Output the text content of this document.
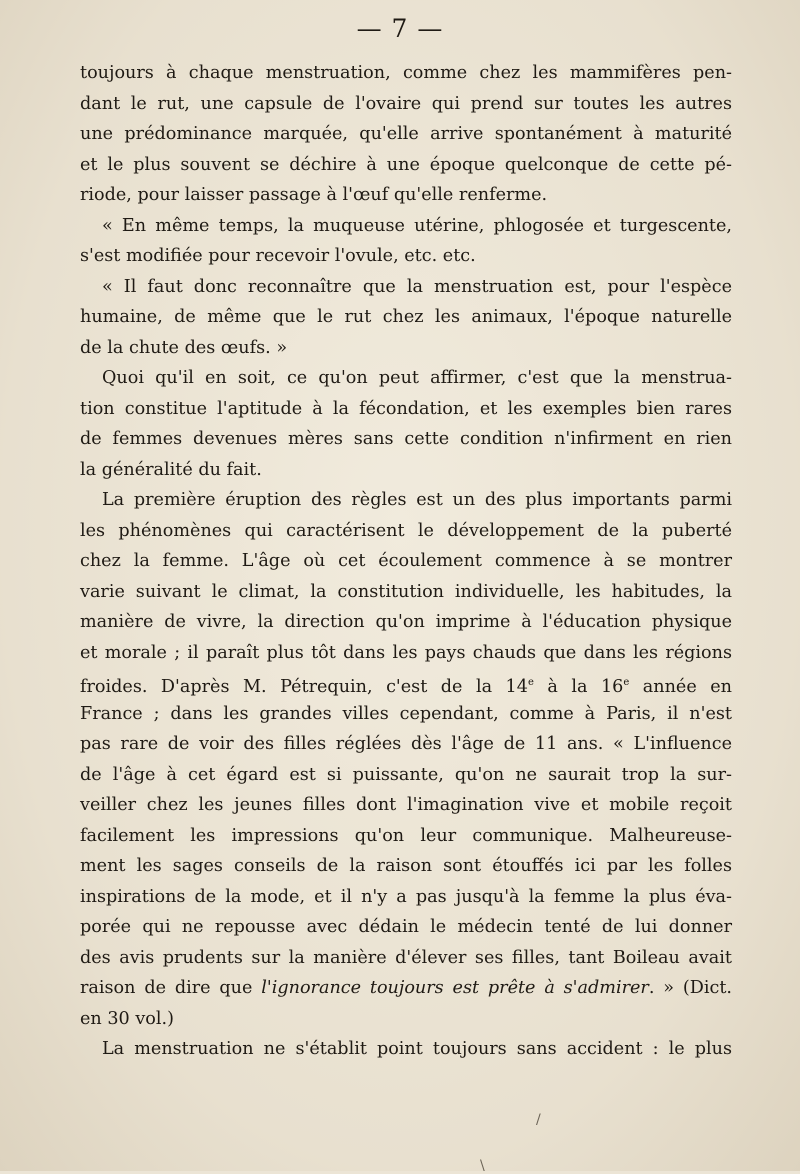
— 7 —
toujours à chaque menstruation, comme chez les mammifères pen-
dant le rut, une capsule de l'ovaire qui prend sur toutes les autres
une prédominance marquée, qu'elle arrive spontanément à maturité
et le plus souvent se déchire à une époque quelconque de cette pé-
riode, pour laisser passage à l'œuf qu'elle renferme.
« En même temps, la muqueuse utérine, phlogosée et turgescente,
s'est modifiée pour recevoir l'ovule, etc. etc.
« Il faut donc reconnaître que la menstruation est, pour l'espèce
humaine, de même que le rut chez les animaux, l'époque naturelle
de la chute des œufs. »
Quoi qu'il en soit, ce qu'on peut affirmer, c'est que la menstrua-
tion constitue l'aptitude à la fécondation, et les exemples bien rares
de femmes devenues mères sans cette condition n'infirment en rien
la généralité du fait.
La première éruption des règles est un des plus importants parmi
les phénomènes qui caractérisent le développement de la puberté
chez la femme. L'âge où cet écoulement commence à se montrer
varie suivant le climat, la constitution individuelle, les habitudes, la
manière de vivre, la direction qu'on imprime à l'éducation physique
et morale ; il paraît plus tôt dans les pays chauds que dans les régions
froides. D'après M. Pétrequin, c'est de la 14e à la 16e année en
France ; dans les grandes villes cependant, comme à Paris, il n'est
pas rare de voir des filles réglées dès l'âge de 11 ans. « L'influence
de l'âge à cet égard est si puissante, qu'on ne saurait trop la sur-
veiller chez les jeunes filles dont l'imagination vive et mobile reçoit
facilement les impressions qu'on leur communique. Malheureuse-
ment les sages conseils de la raison sont étouffés ici par les folles
inspirations de la mode, et il n'y a pas jusqu'à la femme la plus éva-
porée qui ne repousse avec dédain le médecin tenté de lui donner
des avis prudents sur la manière d'élever ses filles, tant Boileau avait
raison de dire que l'ignorance toujours est prête à s'admirer. » (Dict.
en 30 vol.)
La menstruation ne s'établit point toujours sans accident : le plus
/
\
